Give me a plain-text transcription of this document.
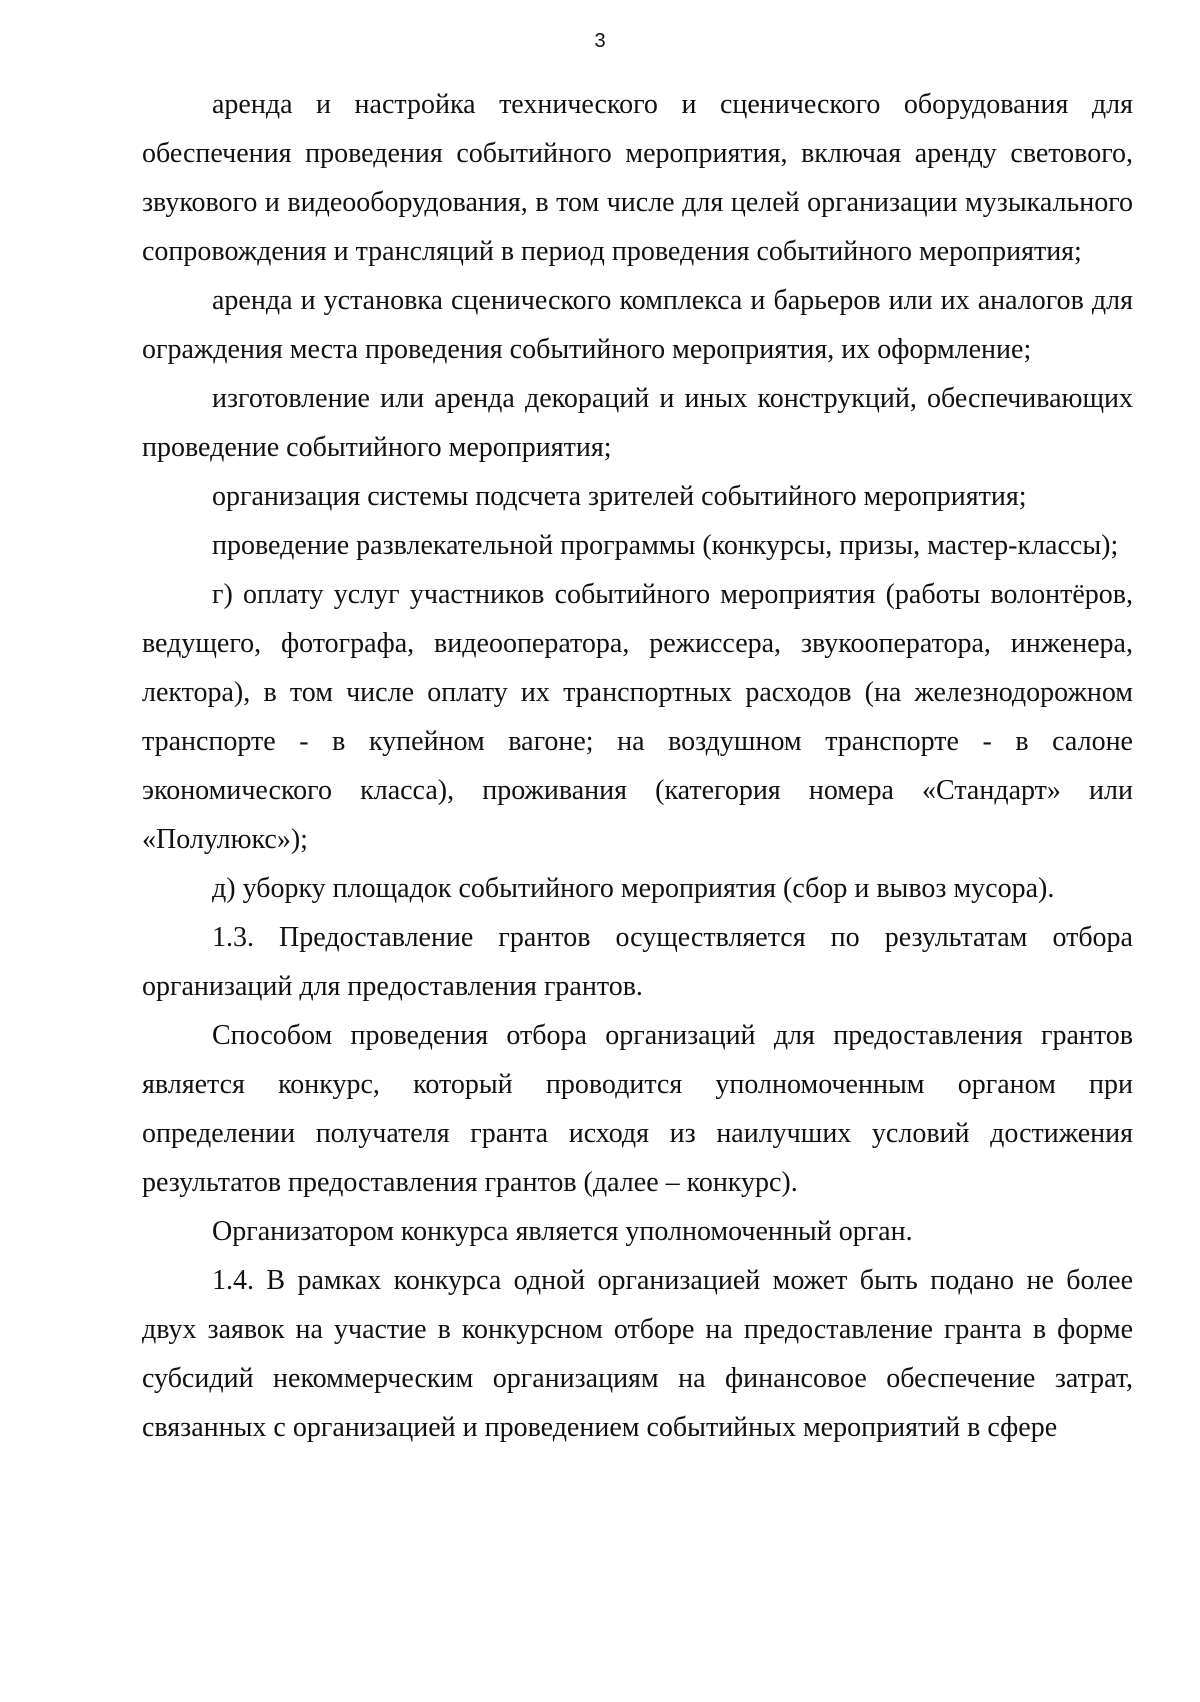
3

аренда и настройка технического и сценического оборудования для обеспечения проведения событийного мероприятия, включая аренду светового, звукового и видеооборудования, в том числе для целей организации музыкального сопровождения и трансляций в период проведения событийного мероприятия;

аренда и установка сценического комплекса и барьеров или их аналогов для ограждения места проведения событийного мероприятия, их оформление;

изготовление или аренда декораций и иных конструкций, обеспечивающих проведение событийного мероприятия;

организация системы подсчета зрителей событийного мероприятия;

проведение развлекательной программы (конкурсы, призы, мастер-классы);

г) оплату услуг участников событийного мероприятия (работы волонтёров, ведущего, фотографа, видеооператора, режиссера, звукооператора, инженера, лектора), в том числе оплату их транспортных расходов (на железнодорожном транспорте - в купейном вагоне; на воздушном транспорте - в салоне экономического класса), проживания (категория номера «Стандарт» или «Полулюкс»);

д) уборку площадок событийного мероприятия (сбор и вывоз мусора).

1.3. Предоставление грантов осуществляется по результатам отбора организаций для предоставления грантов.

Способом проведения отбора организаций для предоставления грантов является конкурс, который проводится уполномоченным органом при определении получателя гранта исходя из наилучших условий достижения результатов предоставления грантов (далее – конкурс).

Организатором конкурса является уполномоченный орган.

1.4. В рамках конкурса одной организацией может быть подано не более двух заявок на участие в конкурсном отборе на предоставление гранта в форме субсидий некоммерческим организациям на финансовое обеспечение затрат, связанных с организацией и проведением событийных мероприятий в сфере
